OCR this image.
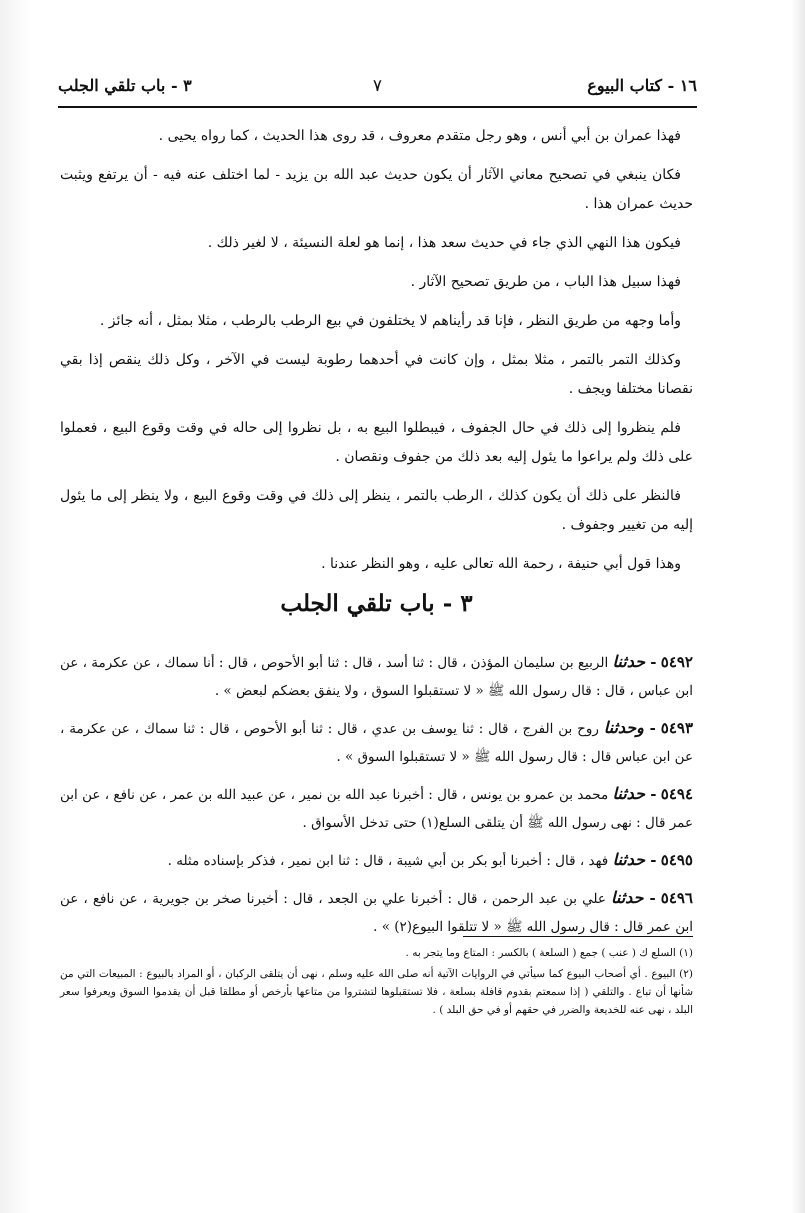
١٦ - كتاب البيوع
٧
٣ - باب تلقي الجلب

فهذا عمران بن أبي أنس ، وهو رجل متقدم معروف ، قد روى هذا الحديث ، كما رواه يحيى .

فكان ينبغي في تصحيح معاني الآثار أن يكون حديث عبد الله بن يزيد - لما اختلف عنه فيه - أن يرتفع ويثبت حديث عمران هذا .

فيكون هذا النهي الذي جاء في حديث سعد هذا ، إنما هو لعلة النسيئة ، لا لغير ذلك .

فهذا سبيل هذا الباب ، من طريق تصحيح الآثار .

وأما وجهه من طريق النظر ، فإنا قد رأيناهم لا يختلفون في بيع الرطب بالرطب ، مثلا بمثل ، أنه جائز .

وكذلك التمر بالتمر ، مثلا بمثل ، وإن كانت في أحدهما رطوبة ليست في الآخر ، وكل ذلك ينقص إذا بقي نقصانا مختلفا ويجف .

فلم ينظروا إلى ذلك في حال الجفوف ، فيبطلوا البيع به ، بل نظروا إلى حاله في وقت وقوع البيع ، فعملوا على ذلك ولم يراعوا ما يئول إليه بعد ذلك من جفوف ونقصان .

فالنظر على ذلك أن يكون كذلك ، الرطب بالتمر ، ينظر إلى ذلك في وقت وقوع البيع ، ولا ينظر إلى ما يئول إليه من تغيير وجفوف .

وهذا قول أبي حنيفة ، رحمة الله تعالى عليه ، وهو النظر عندنا .

٣ - باب تلقي الجلب

٥٤٩٢ - حدثنا الربيع بن سليمان المؤذن ، قال : ثنا أسد ، قال : ثنا أبو الأحوص ، قال : أنا سماك ، عن عكرمة ، عن ابن عباس ، قال : قال رسول الله ﷺ « لا تستقبلوا السوق ، ولا ينفق بعضكم لبعض » .

٥٤٩٣ - وحدثنا روح بن الفرج ، قال : ثنا يوسف بن عدي ، قال : ثنا أبو الأحوص ، قال : ثنا سماك ، عن عكرمة ، عن ابن عباس قال : قال رسول الله ﷺ « لا تستقبلوا السوق » .

٥٤٩٤ - حدثنا محمد بن عمرو بن يونس ، قال : أخبرنا عبد الله بن نمير ، عن عبيد الله بن عمر ، عن نافع ، عن ابن عمر قال : نهى رسول الله ﷺ أن يتلقى السلع(١) حتى تدخل الأسواق .

٥٤٩٥ - حدثنا فهد ، قال : أخبرنا أبو بكر بن أبي شيبة ، قال : ثنا ابن نمير ، فذكر بإسناده مثله .

٥٤٩٦ - حدثنا علي بن عبد الرحمن ، قال : أخبرنا علي بن الجعد ، قال : أخبرنا صخر بن جويرية ، عن نافع ، عن ابن عمر قال : قال رسول الله ﷺ « لا تتلقوا البيوع(٢) » .

(١) السلع ك ( عنب ) جمع ( السلعة ) بالكسر : المتاع وما يتجر به .

(٢) البيوع . أي أصحاب البيوع كما سيأتي في الروايات الآتية أنه صلى الله عليه وسلم ، نهى أن يتلقى الركبان ، أو المراد بالبيوع : المبيعات التي من شأنها أن تباع . والتلقي ( إذا سمعتم بقدوم قافلة بسلعة ، فلا تستقبلوها لتشتروا من متاعها بأرخص أو مطلقا قبل أن يقدموا السوق ويعرفوا سعر البلد ، نهى عنه للخديعة والضرر في حقهم أو في حق البلد ) .
